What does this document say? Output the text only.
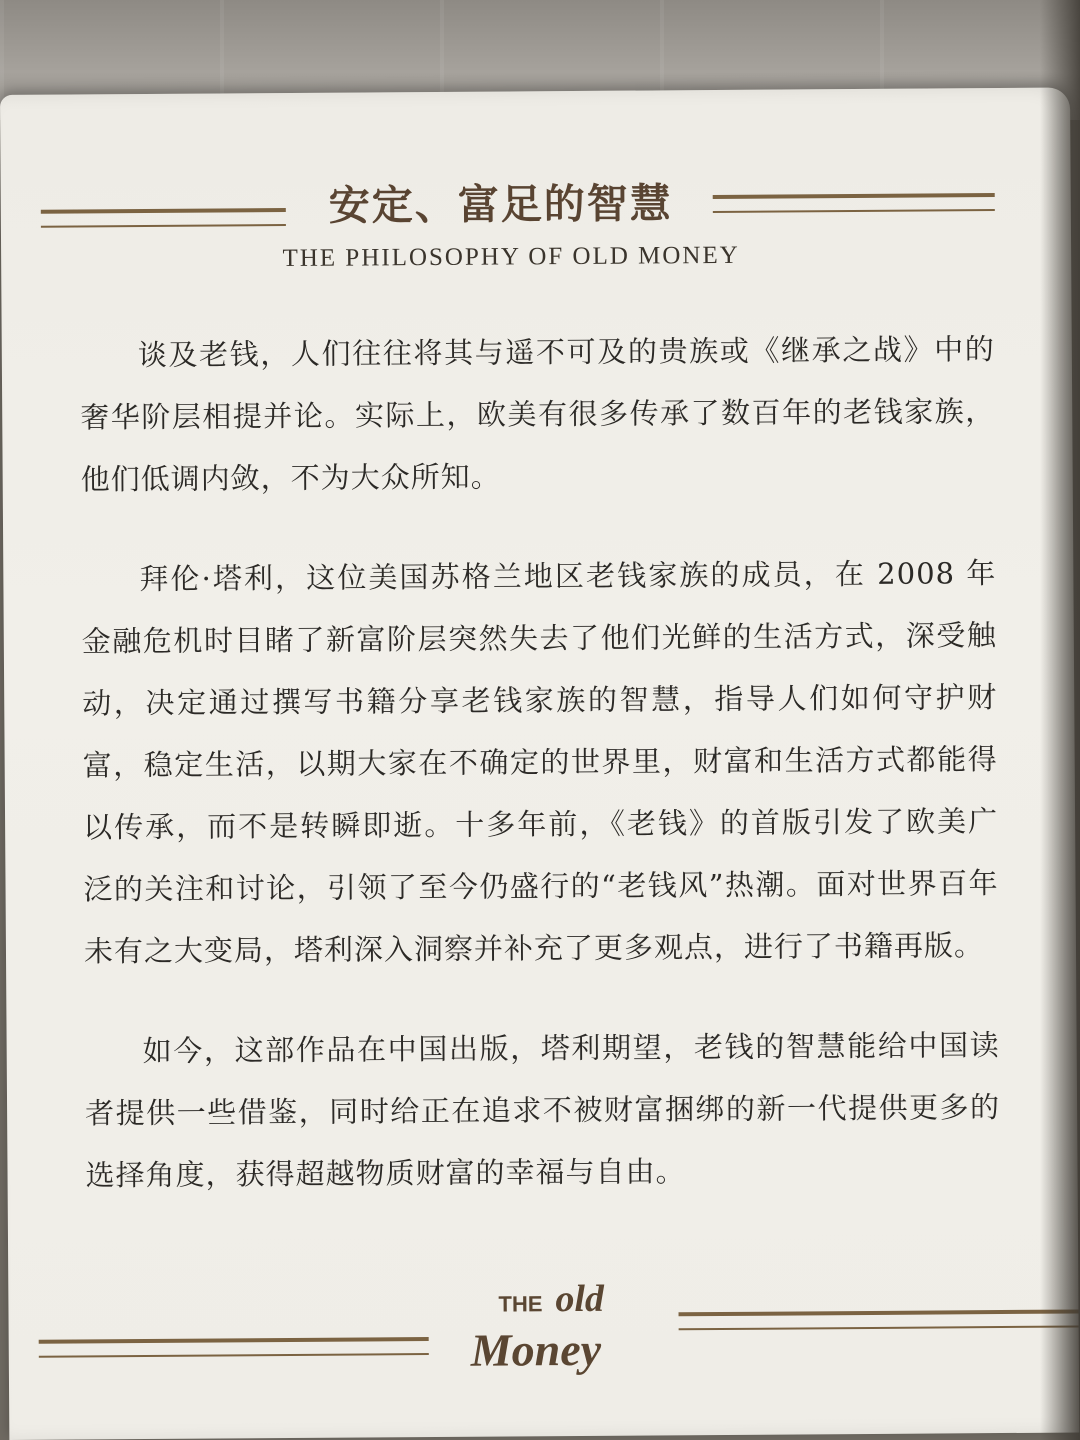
安定、富足的智慧
THE PHILOSOPHY OF OLD MONEY

谈及老钱，人们往往将其与遥不可及的贵族或《继承之战》中的奢华阶层相提并论。实际上，欧美有很多传承了数百年的老钱家族，他们低调内敛，不为大众所知。

拜伦·塔利，这位美国苏格兰地区老钱家族的成员，在 2008 年金融危机时目睹了新富阶层突然失去了他们光鲜的生活方式，深受触动，决定通过撰写书籍分享老钱家族的智慧，指导人们如何守护财富，稳定生活，以期大家在不确定的世界里，财富和生活方式都能得以传承，而不是转瞬即逝。十多年前，《老钱》的首版引发了欧美广泛的关注和讨论，引领了至今仍盛行的“老钱风”热潮。面对世界百年未有之大变局，塔利深入洞察并补充了更多观点，进行了书籍再版。

如今，这部作品在中国出版，塔利期望，老钱的智慧能给中国读者提供一些借鉴，同时给正在追求不被财富捆绑的新一代提供更多的选择角度，获得超越物质财富的幸福与自由。

THE old
Money
